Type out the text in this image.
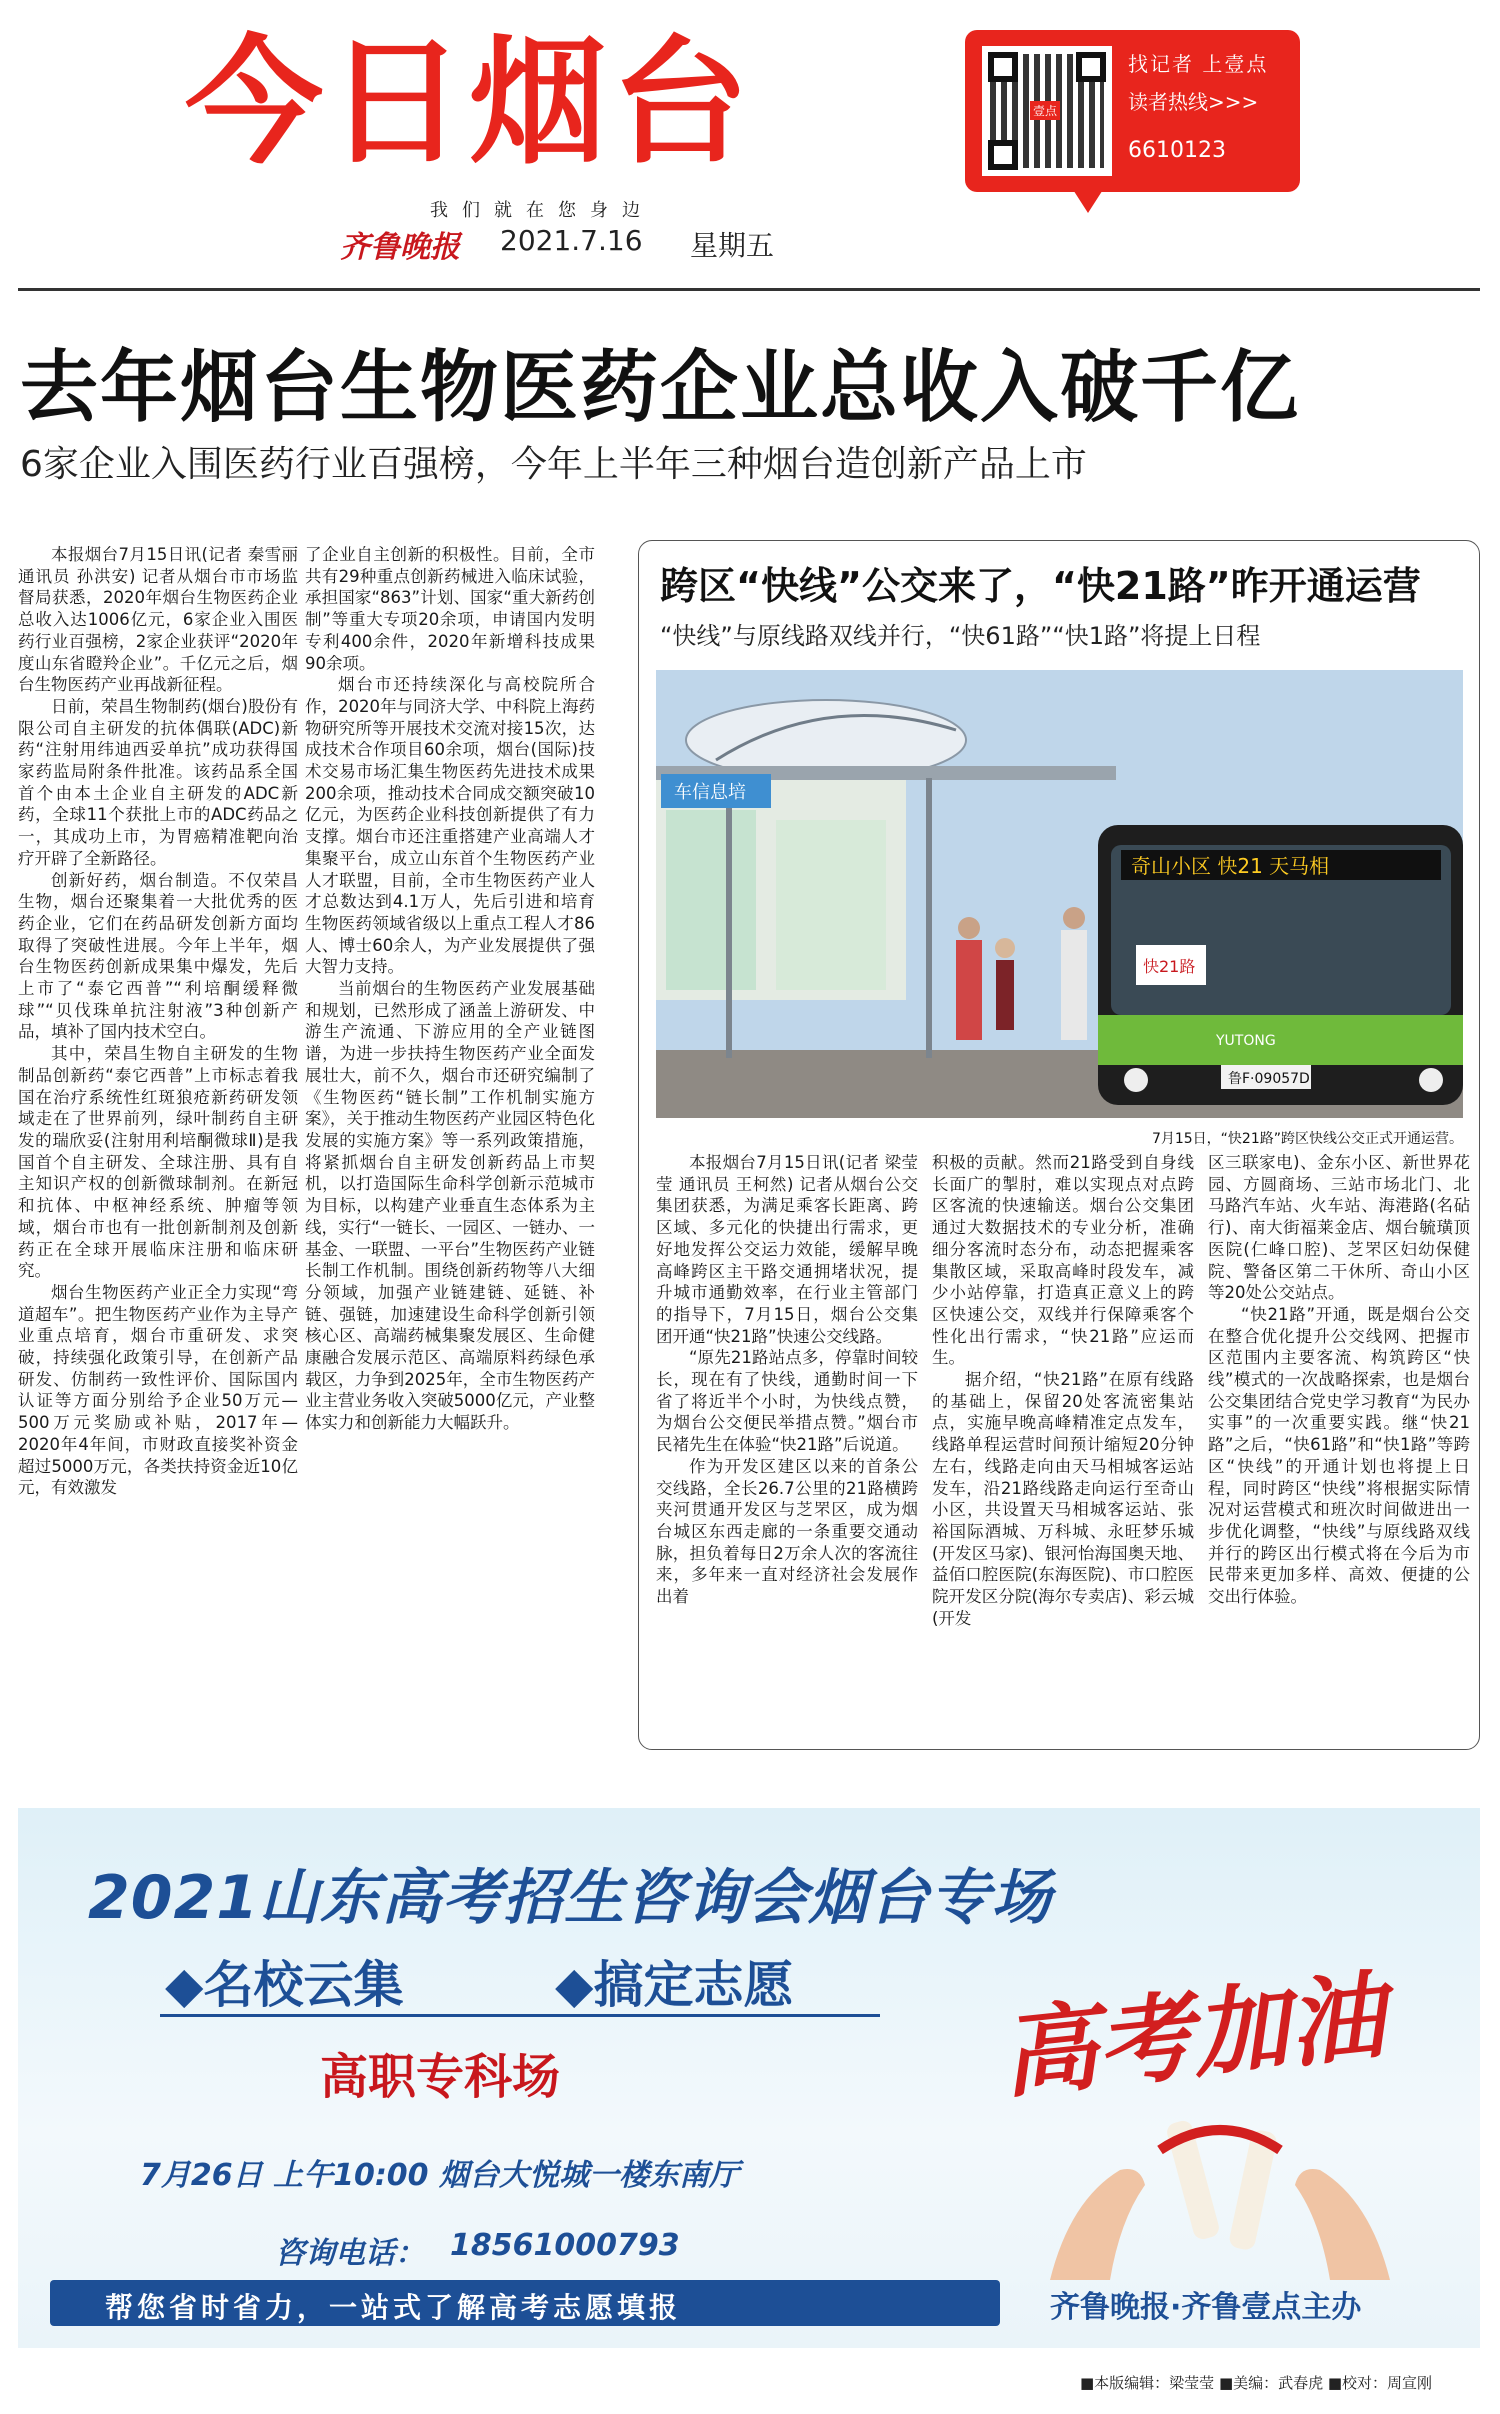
今日烟台
我们就在您身边
齐鲁晚报 2021.7.16 星期五
壹点
找记者 上壹点
读者热线>>>
6610123
去年烟台生物医药企业总收入破千亿
6家企业入围医药行业百强榜，今年上半年三种烟台造创新产品上市

本报烟台7月15日讯(记者 秦雪丽 通讯员 孙洪安) 记者从烟台市市场监督局获悉，2020年烟台生物医药企业总收入达1006亿元，6家企业入围医药行业百强榜，2家企业获评“2020年度山东省瞪羚企业”。千亿元之后，烟台生物医药产业再战新征程。

日前，荣昌生物制药(烟台)股份有限公司自主研发的抗体偶联(ADC)新药“注射用纬迪西妥单抗”成功获得国家药监局附条件批准。该药品系全国首个由本土企业自主研发的ADC新药，全球11个获批上市的ADC药品之一，其成功上市，为胃癌精准靶向治疗开辟了全新路径。

创新好药，烟台制造。不仅荣昌生物，烟台还聚集着一大批优秀的医药企业，它们在药品研发创新方面均取得了突破性进展。今年上半年，烟台生物医药创新成果集中爆发，先后上市了“泰它西普”“利培酮缓释微球”“贝伐珠单抗注射液”3种创新产品，填补了国内技术空白。

其中，荣昌生物自主研发的生物制品创新药“泰它西普”上市标志着我国在治疗系统性红斑狼疮新药研发领域走在了世界前列，绿叶制药自主研发的瑞欣妥(注射用利培酮微球Ⅱ)是我国首个自主研发、全球注册、具有自主知识产权的创新微球制剂。在新冠和抗体、中枢神经系统、肿瘤等领域，烟台市也有一批创新制剂及创新药正在全球开展临床注册和临床研究。

烟台生物医药产业正全力实现“弯道超车”。把生物医药产业作为主导产业重点培育，烟台市重研发、求突破，持续强化政策引导，在创新产品研发、仿制药一致性评价、国际国内认证等方面分别给予企业50万元—500万元奖励或补贴，2017年—2020年4年间，市财政直接奖补资金超过5000万元，各类扶持资金近10亿元，有效激发

了企业自主创新的积极性。目前，全市共有29种重点创新药械进入临床试验，承担国家“863”计划、国家“重大新药创制”等重大专项20余项，申请国内发明专利400余件，2020年新增科技成果90余项。

烟台市还持续深化与高校院所合作，2020年与同济大学、中科院上海药物研究所等开展技术交流对接15次，达成技术合作项目60余项，烟台(国际)技术交易市场汇集生物医药先进技术成果200余项，推动技术合同成交额突破10亿元，为医药企业科技创新提供了有力支撑。烟台市还注重搭建产业高端人才集聚平台，成立山东首个生物医药产业人才联盟，目前，全市生物医药产业人才总数达到4.1万人，先后引进和培育生物医药领域省级以上重点工程人才86人、博士60余人，为产业发展提供了强大智力支持。

当前烟台的生物医药产业发展基础和规划，已然形成了涵盖上游研发、中游生产流通、下游应用的全产业链图谱，为进一步扶持生物医药产业全面发展壮大，前不久，烟台市还研究编制了《生物医药“链长制”工作机制实施方案》，关于推动生物医药产业园区特色化发展的实施方案》等一系列政策措施，将紧抓烟台自主研发创新药品上市契机，以打造国际生命科学创新示范城市为目标，以构建产业垂直生态体系为主线，实行“一链长、一园区、一链办、一基金、一联盟、一平台”生物医药产业链长制工作机制。围绕创新药物等八大细分领域，加强产业链建链、延链、补链、强链，加速建设生命科学创新引领核心区、高端药械集聚发展区、生命健康融合发展示范区、高端原料药绿色承载区，力争到2025年，全市生物医药产业主营业务收入突破5000亿元，产业整体实力和创新能力大幅跃升。

跨区“快线”公交来了，“快21路”昨开通运营
“快线”与原线路双线并行，“快61路”“快1路”将提上日程
车信息培
奇山小区 快21 天马相
快21路
YUTONG
鲁F·09057D
7月15日，“快21路”跨区快线公交正式开通运营。

本报烟台7月15日讯(记者 梁莹莹 通讯员 王柯然) 记者从烟台公交集团获悉，为满足乘客长距离、跨区域、多元化的快捷出行需求，更好地发挥公交运力效能，缓解早晚高峰跨区主干路交通拥堵状况，提升城市通勤效率，在行业主管部门的指导下，7月15日，烟台公交集团开通“快21路”快速公交线路。

“原先21路站点多，停靠时间较长，现在有了快线，通勤时间一下省了将近半个小时，为快线点赞，为烟台公交便民举措点赞。”烟台市民褚先生在体验“快21路”后说道。

作为开发区建区以来的首条公交线路，全长26.7公里的21路横跨夹河贯通开发区与芝罘区，成为烟台城区东西走廊的一条重要交通动脉，担负着每日2万余人次的客流往来，多年来一直对经济社会发展作出着

积极的贡献。然而21路受到自身线长面广的掣肘，难以实现点对点跨区客流的快速输送。烟台公交集团通过大数据技术的专业分析，准确细分客流时态分布，动态把握乘客集散区域，采取高峰时段发车，减少小站停靠，打造真正意义上的跨区快速公交，双线并行保障乘客个性化出行需求，“快21路”应运而生。

据介绍，“快21路”在原有线路的基础上，保留20处客流密集站点，实施早晚高峰精准定点发车，线路单程运营时间预计缩短20分钟左右，线路走向由天马相城客运站发车，沿21路线路走向运行至奇山小区，共设置天马相城客运站、张裕国际酒城、万科城、永旺梦乐城(开发区马家)、银河怡海国奥天地、益佰口腔医院(东海医院)、市口腔医院开发区分院(海尔专卖店)、彩云城(开发

区三联家电)、金东小区、新世界花园、方圆商场、三站市场北门、北马路汽车站、火车站、海港路(名砧行)、南大街福莱金店、烟台毓璜顶医院(仁峰口腔)、芝罘区妇幼保健院、警备区第二干休所、奇山小区等20处公交站点。

“快21路”开通，既是烟台公交在整合优化提升公交线网、把握市区范围内主要客流、构筑跨区“快线”模式的一次战略探索，也是烟台公交集团结合党史学习教育“为民办实事”的一次重要实践。继“快21路”之后，“快61路”和“快1路”等跨区“快线”的开通计划也将提上日程，同时跨区“快线”将根据实际情况对运营模式和班次时间做进出一步优化调整，“快线”与原线路双线并行的跨区出行模式将在今后为市民带来更加多样、高效、便捷的公交出行体验。

2021山东高考招生咨询会烟台专场
◆名校云集	◆搞定志愿
高职专科场
7月26日 上午10:00 烟台大悦城一楼东南厅
咨询电话： 18561000793
帮您省时省力，一站式了解高考志愿填报
高考加油
齐鲁晚报·齐鲁壹点主办
■本版编辑：梁莹莹 ■美编：武春虎 ■校对：周宣刚
